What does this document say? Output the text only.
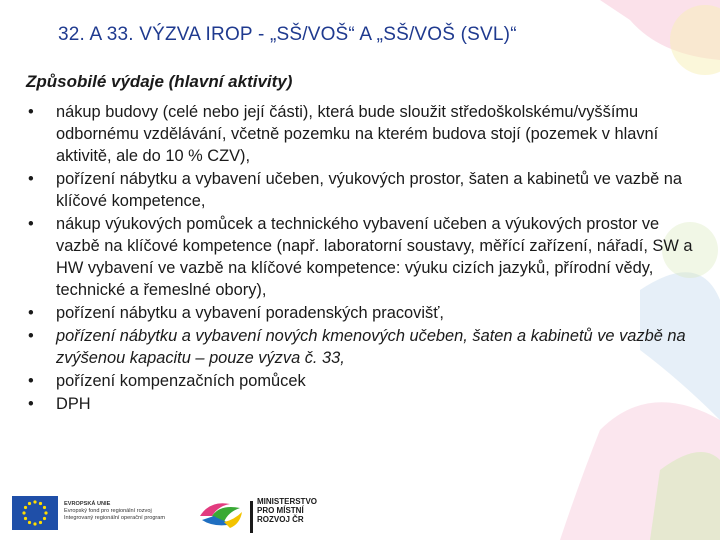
32. A 33. VÝZVA IROP - „SŠ/VOŠ“ A „SŠ/VOŠ (SVL)“
Způsobilé výdaje (hlavní aktivity)
• nákup budovy (celé nebo její části), která bude sloužit středoškolskému/vyššímu odbornému vzdělávání, včetně pozemku na kterém budova stojí (pozemek v hlavní aktivitě, ale do 10 % CZV),
• pořízení nábytku a vybavení učeben, výukových prostor, šaten a kabinetů ve vazbě na klíčové kompetence,
• nákup výukových pomůcek a technického vybavení učeben a výukových prostor ve vazbě na klíčové kompetence (např. laboratorní soustavy, měřící zařízení, nářadí, SW a HW vybavení ve vazbě na klíčové kompetence: výuku cizích jazyků, přírodní vědy, technické a řemeslné obory),
• pořízení nábytku a vybavení poradenských pracovišť,
• pořízení nábytku a vybavení nových kmenových učeben, šaten a kabinetů ve vazbě na zvýšenou kapacitu – pouze výzva č. 33,
• pořízení kompenzačních pomůcek
• DPH
EVROPSKÁ UNIE
Evropský fond pro regionální rozvoj
Integrovaný regionální operační program
MINISTERSTVO
PRO MÍSTNÍ
ROZVOJ ČR
